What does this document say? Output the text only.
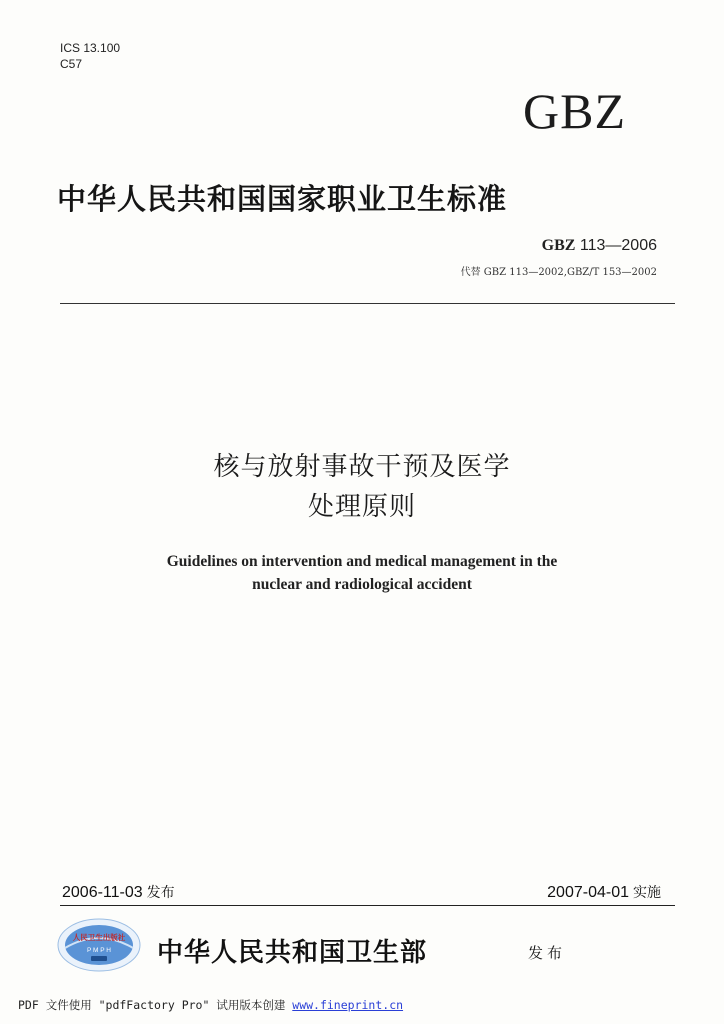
ICS 13.100
C57
GBZ
中华人民共和国国家职业卫生标准
GBZ 113—2006
代替 GBZ 113—2002,GBZ/T 153—2002
核与放射事故干预及医学
处理原则
Guidelines on intervention and medical management in the
nuclear and radiological accident
2006-11-03 发布	2007-04-01 实施
人民卫生出版社
P M P H 中华人民共和国卫生部	发布
PDF 文件使用 "pdfFactory Pro" 试用版本创建 www.fineprint.cn
